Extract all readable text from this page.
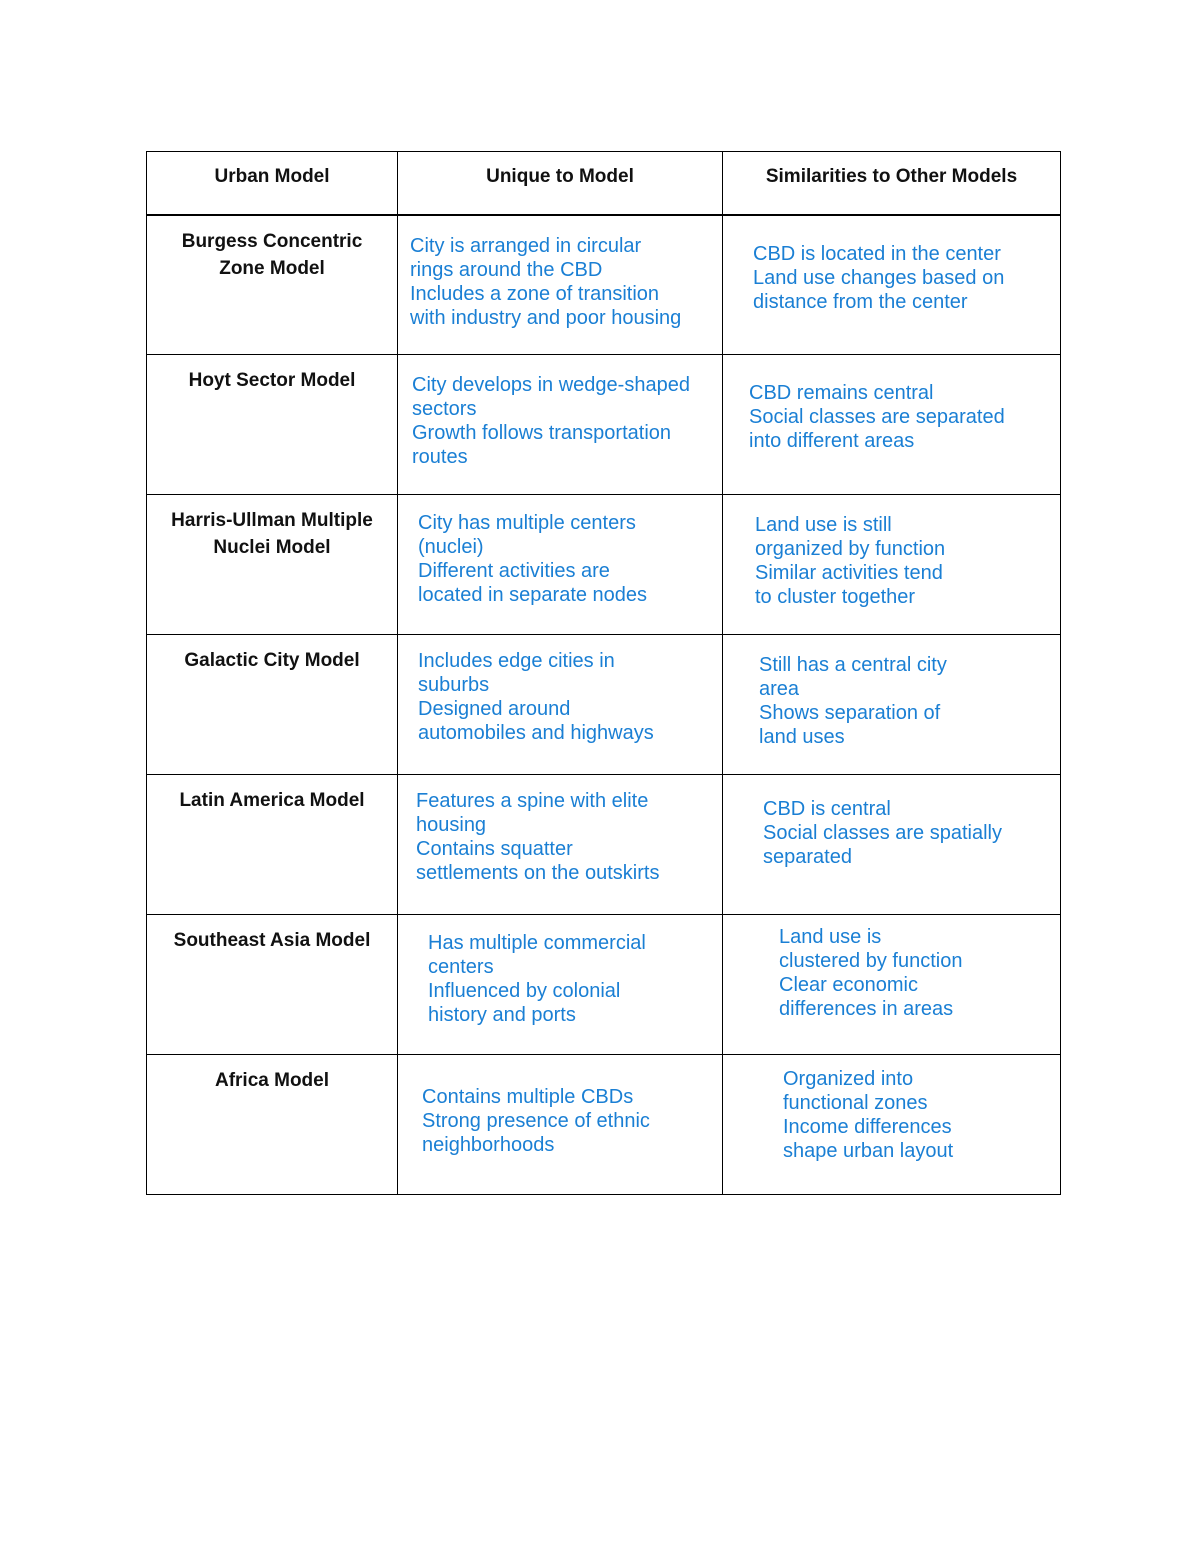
Urban Model	Unique to Model	Similarities to Other Models

Burgess Concentric
Zone Model	City is arranged in circular
rings around the CBD
Includes a zone of transition
with industry and poor housing	CBD is located in the center
Land use changes based on
distance from the center

Hoyt Sector Model	City develops in wedge-shaped
sectors
Growth follows transportation
routes	CBD remains central
Social classes are separated
into different areas

Harris-Ullman Multiple
Nuclei Model	City has multiple centers
(nuclei)
Different activities are
located in separate nodes	Land use is still
organized by function
Similar activities tend
to cluster together

Galactic City Model	Includes edge cities in
suburbs
Designed around
automobiles and highways	Still has a central city
area
Shows separation of
land uses

Latin America Model	Features a spine with elite
housing
Contains squatter
settlements on the outskirts	CBD is central
Social classes are spatially
separated

Southeast Asia Model	Has multiple commercial
centers
Influenced by colonial
history and ports	Land use is
clustered by function
Clear economic
differences in areas

Africa Model	Contains multiple CBDs
Strong presence of ethnic
neighborhoods	Organized into
functional zones
Income differences
shape urban layout
